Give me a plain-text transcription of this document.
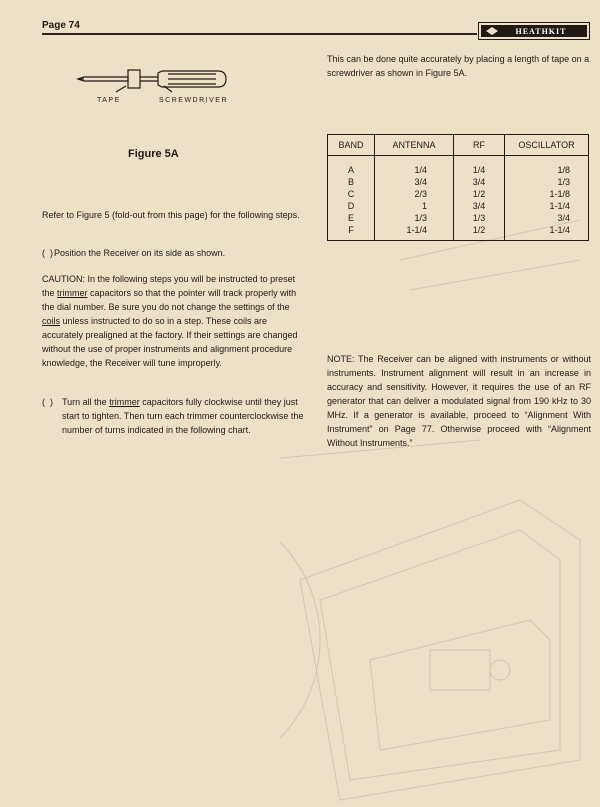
Page 74	HEATHKIT
TAPE	SCREWDRIVER
Figure 5A

Refer to Figure 5 (fold-out from this page) for the following steps.

(  ) Position the Receiver on its side as shown.

CAUTION: In the following steps you will be instructed to preset the trimmer capacitors so that the pointer will track properly with the dial number. Be sure you do not change the settings of the coils unless instructed to do so in a step. These coils are accurately prealigned at the factory. If their settings are changed without the use of proper instruments and alignment procedure knowledge, the Receiver will tune improperly.

(  ) Turn all the trimmer capacitors fully clockwise until they just start to tighten. Then turn each trimmer counterclockwise the number of turns indicated in the following chart.

This can be done quite accurately by placing a length of tape on a screwdriver as shown in Figure 5A.

BAND	ANTENNA	RF	OSCILLATOR
A	1/4	1/4	1/8
B	3/4	3/4	1/3
C	2/3	1/2	1-1/8
D	1	3/4	1-1/4
E	1/3	1/3	3/4
F	1-1/4	1/2	1-1/4

NOTE: The Receiver can be aligned with instruments or without instruments. Instrument alignment will result in an increase in accuracy and sensitivity. However, it requires the use of an RF generator that can deliver a modulated signal from 190 kHz to 30 MHz. If a generator is available, proceed to “Alignment With Instrument” on Page 77. Otherwise proceed with “Alignment Without Instruments.”
